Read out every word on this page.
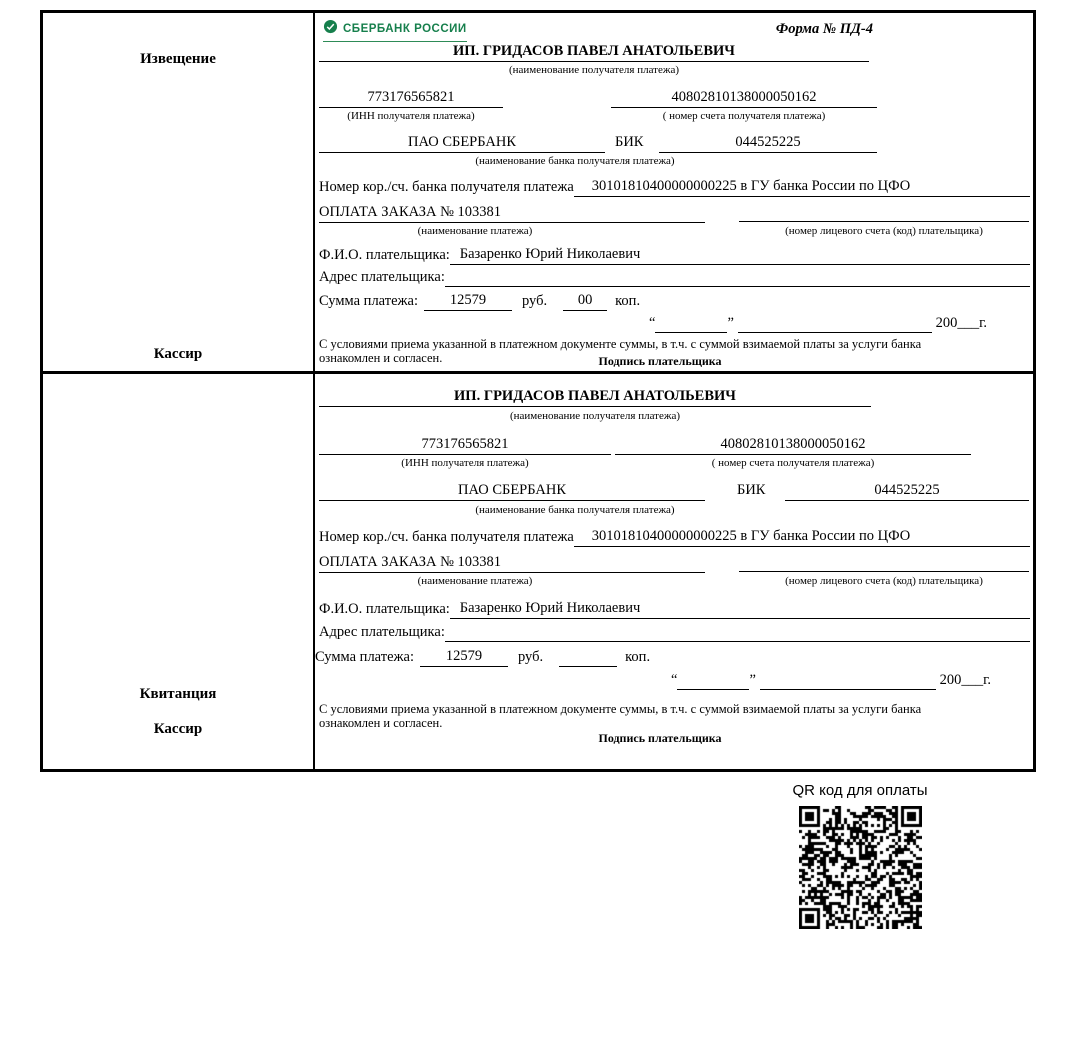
Извещение
Кассир
СБЕРБАНК РОССИИ	Форма № ПД-4
ИП. ГРИДАСОВ ПАВЕЛ АНАТОЛЬЕВИЧ
(наименование получателя платежа)
773176565821
(ИНН получателя платежа)
40802810138000050162
( номер счета получателя платежа)
ПАО СБЕРБАНК	БИК	044525225
(наименование банка получателя платежа)
Номер кор./сч. банка получателя платежа	30101810400000000225 в ГУ банка России по ЦФО
ОПЛАТА ЗАКАЗА № 103381
(наименование платежа)	(номер лицевого счета (код) плательщика)
Ф.И.О. плательщика: Базаренко Юрий Николаевич
Адрес плательщика:
Сумма платежа:	12579	руб.	00	коп.
“	”	200___г.
С условиями приема указанной в платежном документе суммы, в т.ч. с суммой взимаемой платы за услуги банка ознакомлен и согласен.	Подпись плательщика
Квитанция
Кассир
ИП. ГРИДАСОВ ПАВЕЛ АНАТОЛЬЕВИЧ
(наименование получателя платежа)
773176565821
(ИНН получателя платежа)
40802810138000050162
( номер счета получателя платежа)
ПАО СБЕРБАНК	БИК	044525225
(наименование банка получателя платежа)
Номер кор./сч. банка получателя платежа	30101810400000000225 в ГУ банка России по ЦФО
ОПЛАТА ЗАКАЗА № 103381
(наименование платежа)	(номер лицевого счета (код) плательщика)
Ф.И.О. плательщика: Базаренко Юрий Николаевич
Адрес плательщика:
Сумма платежа:	12579	руб.	коп.
“	”	200___г.
С условиями приема указанной в платежном документе суммы, в т.ч. с суммой взимаемой платы за услуги банка ознакомлен и согласен.
Подпись плательщика
QR код для оплаты
